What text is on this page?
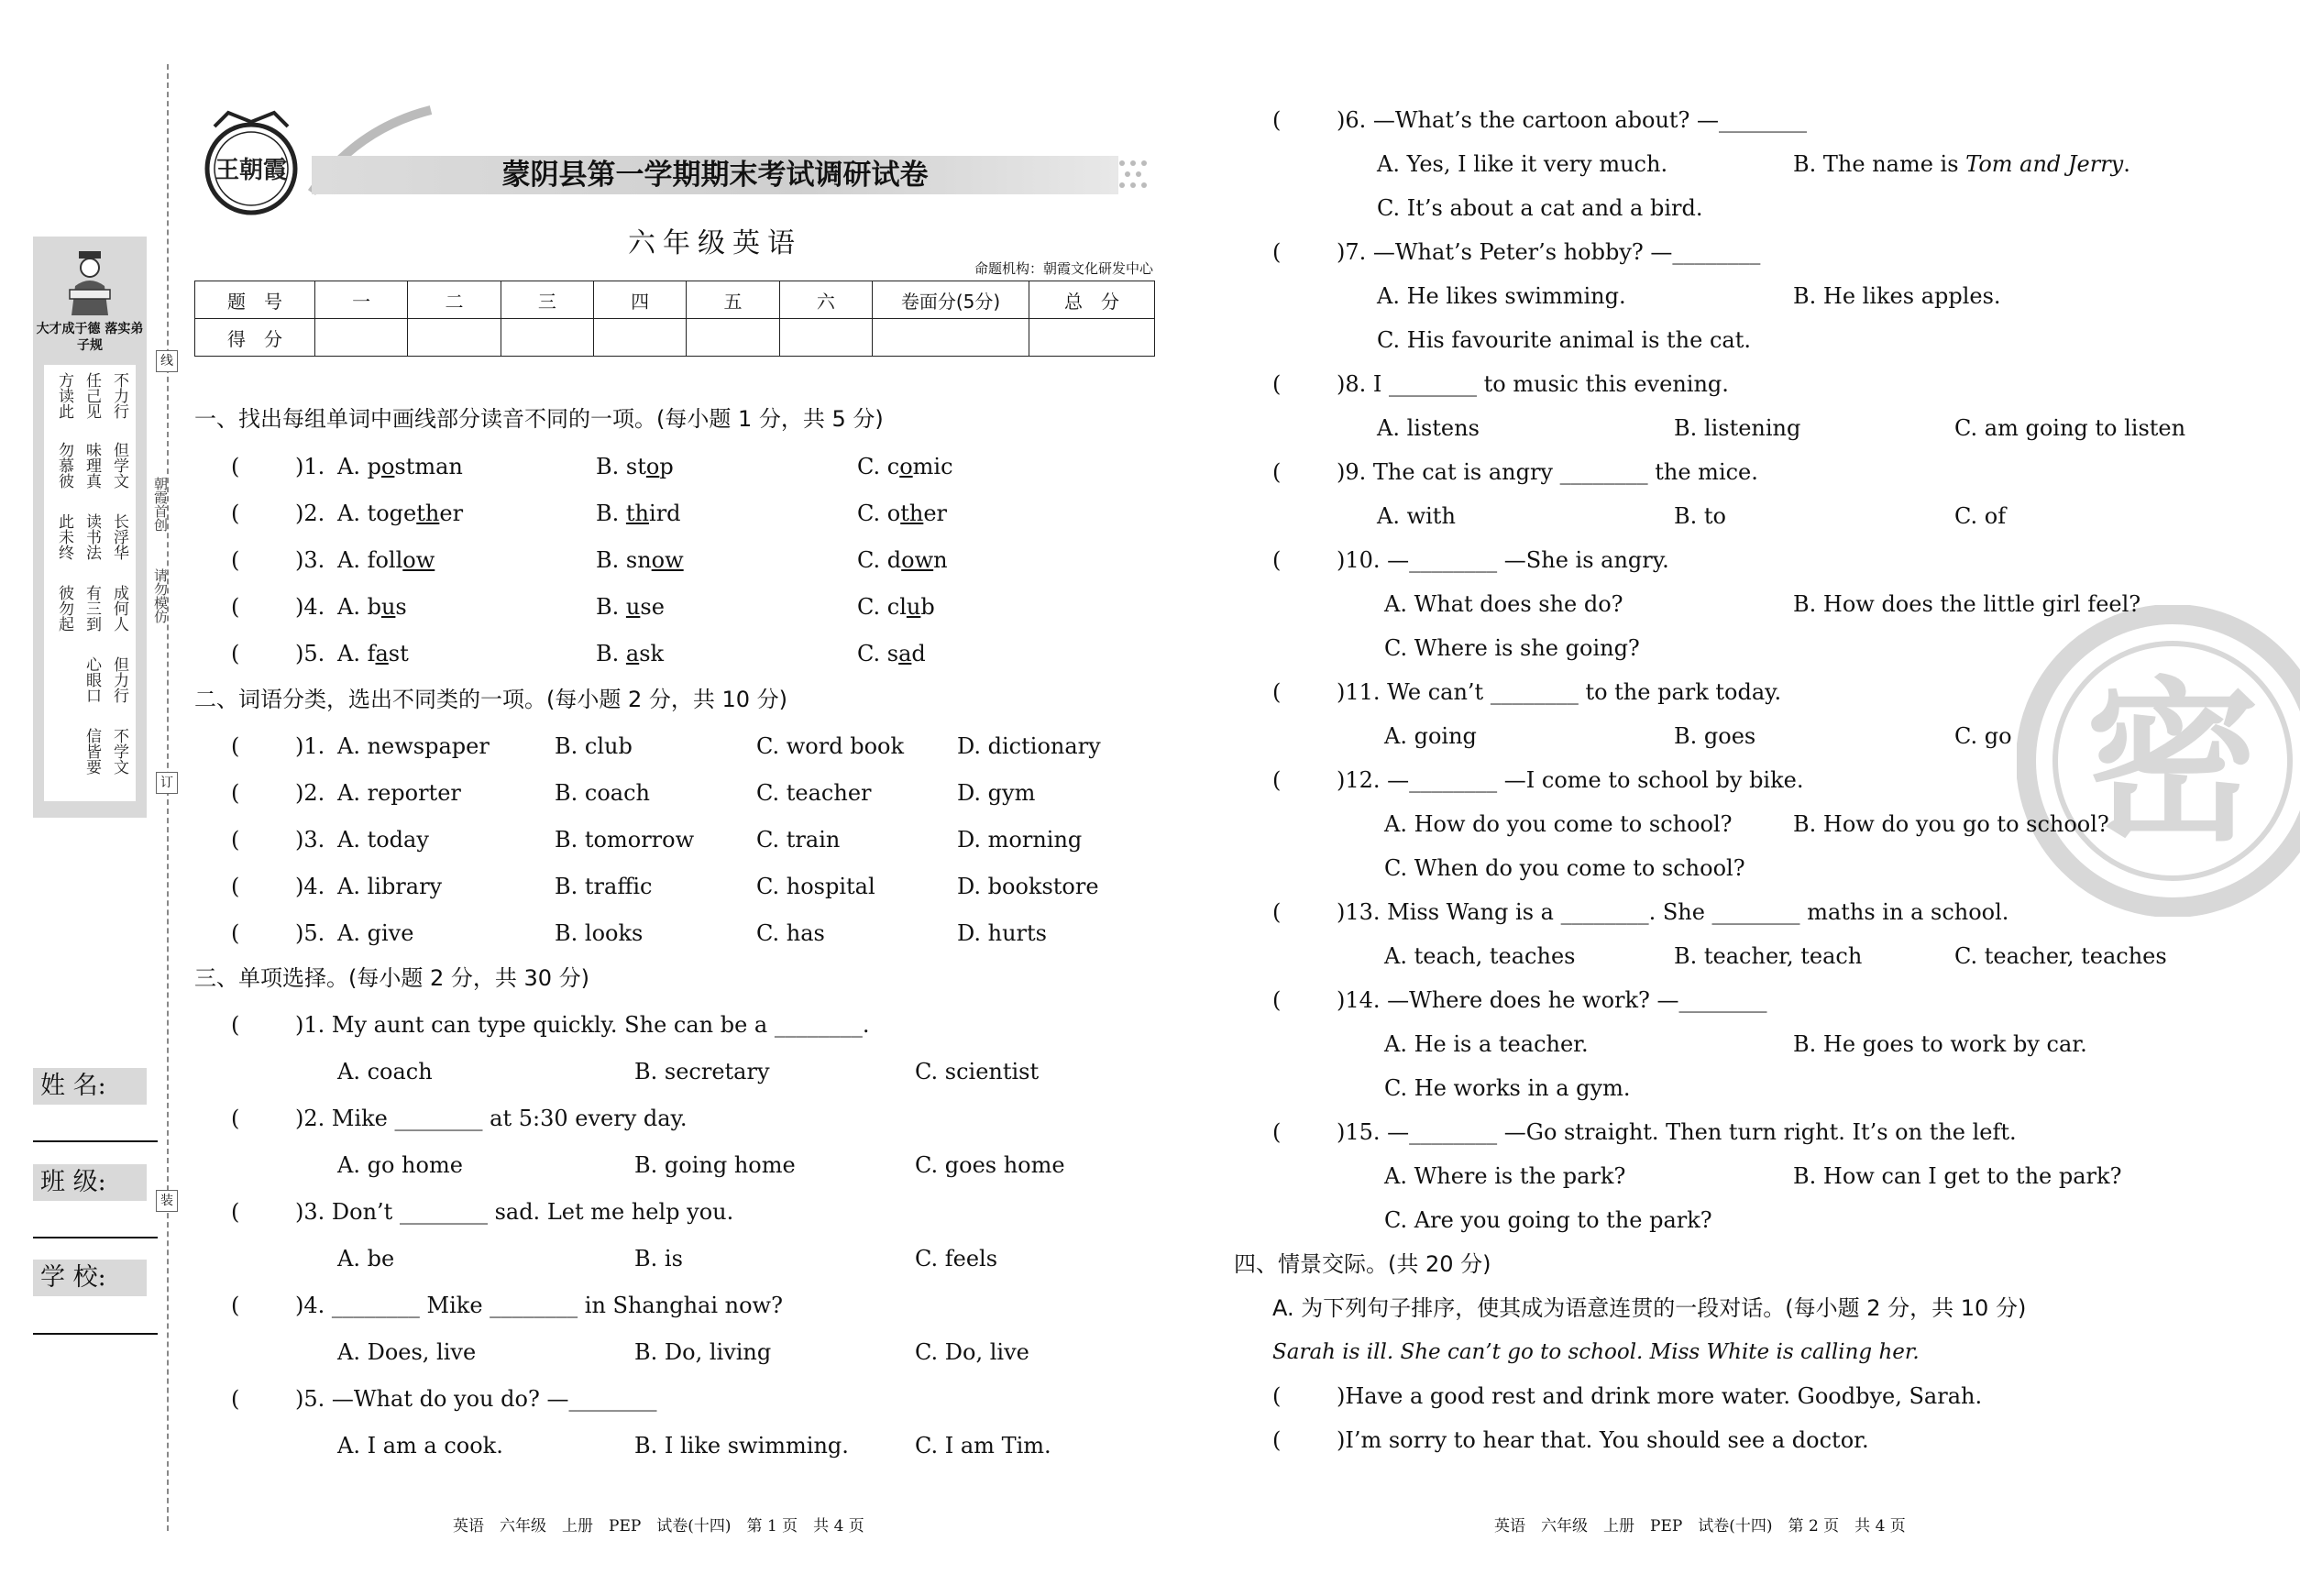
线
订
装
朝霞首创
请勿模仿
大才成于德 落实弟子规
不力行
任己见
方读此
但学文
味理真
勿慕彼
长浮华
读书法
此未终
成何人
有三到
彼勿起
但力行
心眼口
不学文
信皆要
姓 名:
班 级:
学 校:
王朝霞	蒙阴县第一学期期末考试调研试卷
六年级英语
命题机构：朝霞文化研发中心
题　号	一	二	三	四	五	六	卷面分(5分)	总　分
得　分								
一、找出每组单词中画线部分读音不同的一项。(每小题 1 分，共 5 分)
(	)1. A. postman	B. stop	C. comic
(	)2. A. together	B. third	C. other
(	)3. A. follow	B. snow	C. down
(	)4. A. bus	B. use	C. club
(	)5. A. fast	B. ask	C. sad
二、词语分类，选出不同类的一项。(每小题 2 分，共 10 分)
(	)1. A. newspaper	B. club	C. word book D. dictionary
(	)2. A. reporter	B. coach	C. teacher	D. gym
(	)3. A. today	B. tomorrow	C. train	D. morning
(	)4. A. library	B. traffic	C. hospital	D. bookstore
(	)5. A. give	B. looks	C. has	D. hurts
三、单项选择。(每小题 2 分，共 30 分)
(	)1. My aunt can type quickly. She can be a ________.
A. coach	B. secretary	C. scientist
(	)2. Mike ________ at 5:30 every day.
A. go home	B. going home	C. goes home
(	)3. Don’t ________ sad. Let me help you.
A. be	B. is	C. feels
(	)4. ________ Mike ________ in Shanghai now?
A. Does, live	B. Do, living	C. Do, live
(	)5. —What do you do? —________
A. I am a cook.	B. I like swimming.	C. I am Tim.
英语　六年级　上册　PEP　试卷(十四)　第 1 页　共 4 页
密
(	)6. —What’s the cartoon about? —________
A. Yes, I like it very much.	B. The name is Tom and Jerry.
C. It’s about a cat and a bird.
(	)7. —What’s Peter’s hobby? —________
A. He likes swimming.	B. He likes apples.
C. His favourite animal is the cat.
(	)8. I ________ to music this evening.
A. listens	B. listening	C. am going to listen
(	)9. The cat is angry ________ the mice.
A. with	B. to	C. of
(	)10. —________ —She is angry.
A. What does she do?	B. How does the little girl feel?
C. Where is she going?
(	)11. We can’t ________ to the park today.
A. going	B. goes	C. go
(	)12. —________ —I come to school by bike.
A. How do you come to school?	B. How do you go to school?
C. When do you come to school?
(	)13. Miss Wang is a ________. She ________ maths in a school.
A. teach, teaches	B. teacher, teach	C. teacher, teaches
(	)14. —Where does he work? —________
A. He is a teacher.	B. He goes to work by car.
C. He works in a gym.
(	)15. —________ —Go straight. Then turn right. It’s on the left.
A. Where is the park?	B. How can I get to the park?
C. Are you going to the park?
四、情景交际。(共 20 分)
A. 为下列句子排序，使其成为语意连贯的一段对话。(每小题 2 分，共 10 分)
Sarah is ill. She can’t go to school. Miss White is calling her.
(	)Have a good rest and drink more water. Goodbye, Sarah.
(	)I’m sorry to hear that. You should see a doctor.
英语　六年级　上册　PEP　试卷(十四)　第 2 页　共 4 页
